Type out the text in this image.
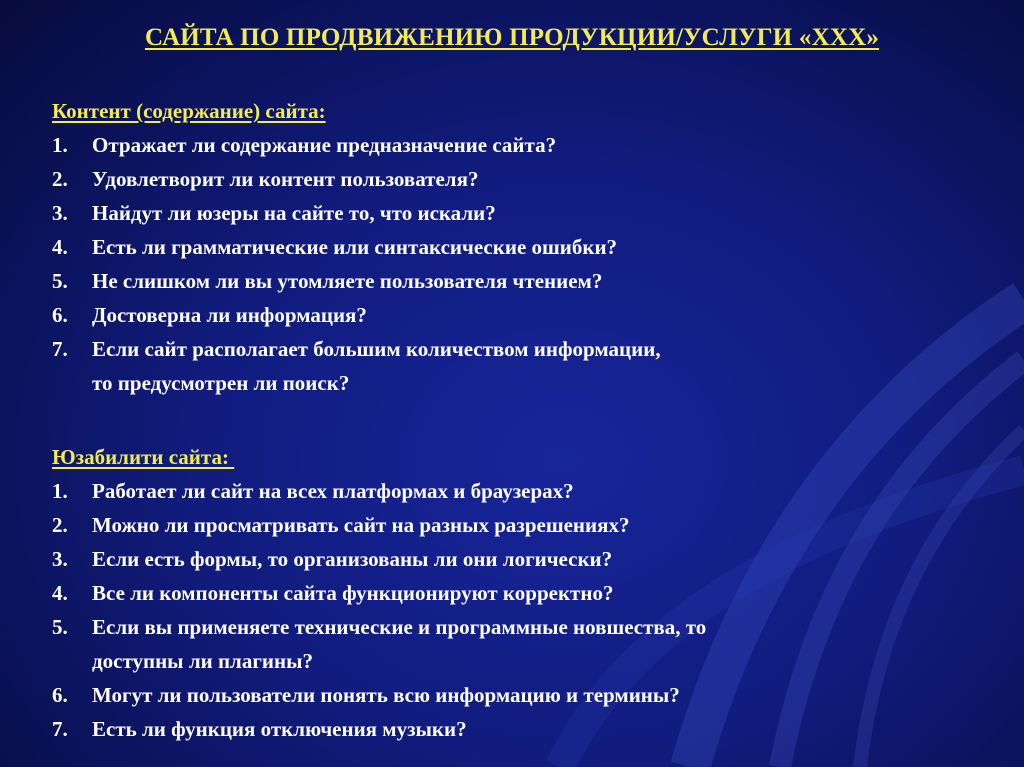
САЙТА ПО ПРОДВИЖЕНИЮ ПРОДУКЦИИ/УСЛУГИ «XXX»
Контент (содержание) сайта:
1.	Отражает ли содержание предназначение сайта?
2.	Удовлетворит ли контент пользователя?
3.	Найдут ли юзеры на сайте то, что искали?
4.	Есть ли грамматические или синтаксические ошибки?
5.	Не слишком ли вы утомляете пользователя чтением?
6.	Достоверна ли информация?
7.	Если сайт располагает большим количеством информации,
то предусмотрен ли поиск?
Юзабилити сайта:
1.	Работает ли сайт на всех платформах и браузерах?
2.	Можно ли просматривать сайт на разных разрешениях?
3.	Если есть формы, то организованы ли они логически?
4.	Все ли компоненты сайта функционируют корректно?
5.	Если вы применяете технические и программные новшества, то
доступны ли плагины?
6.	Могут ли пользователи понять всю информацию и термины?
7.	Есть ли функция отключения музыки?
